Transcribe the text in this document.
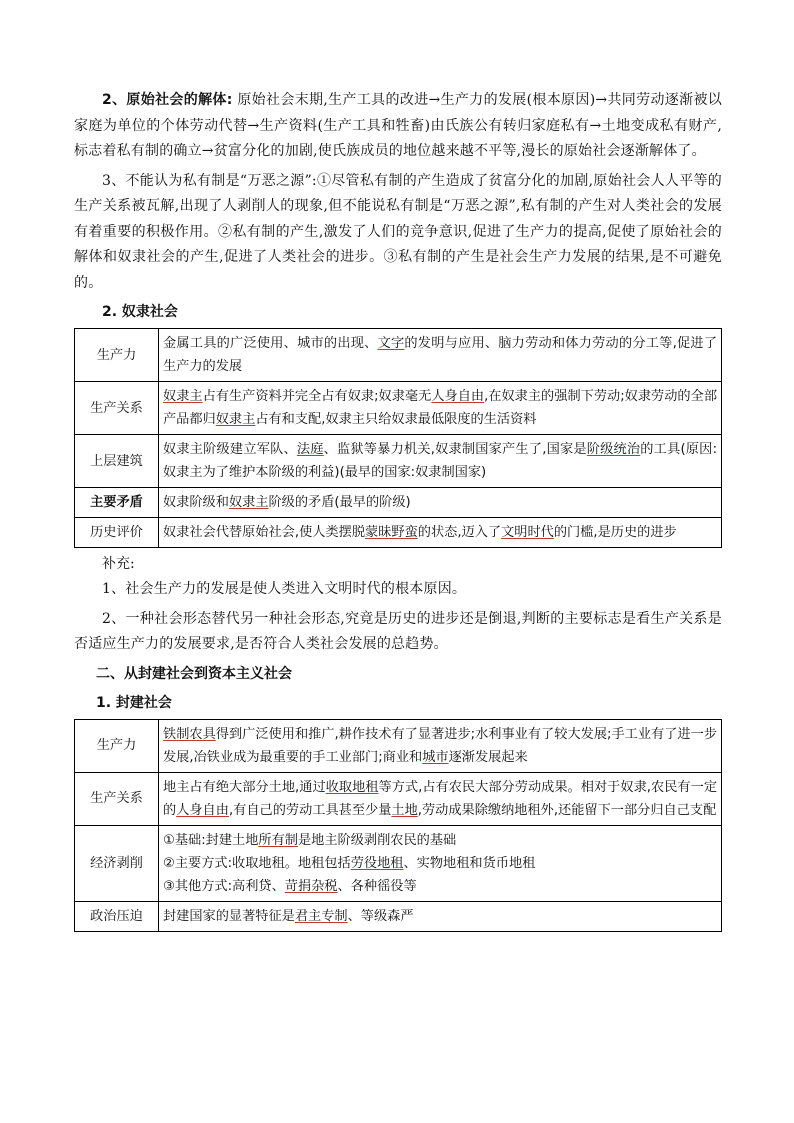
2、原始社会的解体: 原始社会末期,生产工具的改进→生产力的发展(根本原因)→共同劳动逐渐被以家庭为单位的个体劳动代替→生产资料(生产工具和牲畜)由氏族公有转归家庭私有→土地变成私有财产,标志着私有制的确立→贫富分化的加剧,使氏族成员的地位越来越不平等,漫长的原始社会逐渐解体了。

3、不能认为私有制是“万恶之源”:①尽管私有制的产生造成了贫富分化的加剧,原始社会人人平等的生产关系被瓦解,出现了人剥削人的现象,但不能说私有制是“万恶之源”,私有制的产生对人类社会的发展有着重要的积极作用。②私有制的产生,激发了人们的竞争意识,促进了生产力的提高,促使了原始社会的解体和奴隶社会的产生,促进了人类社会的进步。③私有制的产生是社会生产力发展的结果,是不可避免的。

2. 奴隶社会
生产力	金属工具的广泛使用、城市的出现、文字的发明与应用、脑力劳动和体力劳动的分工等,促进了生产力的发展
生产关系	奴隶主占有生产资料并完全占有奴隶;奴隶毫无人身自由,在奴隶主的强制下劳动;奴隶劳动的全部产品都归奴隶主占有和支配,奴隶主只给奴隶最低限度的生活资料
上层建筑	奴隶主阶级建立军队、法庭、监狱等暴力机关,奴隶制国家产生了,国家是阶级统治的工具(原因:奴隶主为了维护本阶级的利益)(最早的国家:奴隶制国家)
主要矛盾	奴隶阶级和奴隶主阶级的矛盾(最早的阶级)
历史评价	奴隶社会代替原始社会,使人类摆脱蒙昧野蛮的状态,迈入了文明时代的门槛,是历史的进步
补充:

1、社会生产力的发展是使人类进入文明时代的根本原因。

2、一种社会形态替代另一种社会形态,究竟是历史的进步还是倒退,判断的主要标志是看生产关系是否适应生产力的发展要求,是否符合人类社会发展的总趋势。

二、从封建社会到资本主义社会
1. 封建社会
生产力	铁制农具得到广泛使用和推广,耕作技术有了显著进步;水利事业有了较大发展;手工业有了进一步发展,冶铁业成为最重要的手工业部门;商业和城市逐渐发展起来
生产关系	地主占有绝大部分土地,通过收取地租等方式,占有农民大部分劳动成果。相对于奴隶,农民有一定的人身自由,有自己的劳动工具甚至少量土地,劳动成果除缴纳地租外,还能留下一部分归自己支配
经济剥削	①基础:封建土地所有制是地主阶级剥削农民的基础
②主要方式:收取地租。地租包括劳役地租、实物地租和货币地租
③其他方式:高利贷、苛捐杂税、各种徭役等

政治压迫	封建国家的显著特征是君主专制、等级森严
